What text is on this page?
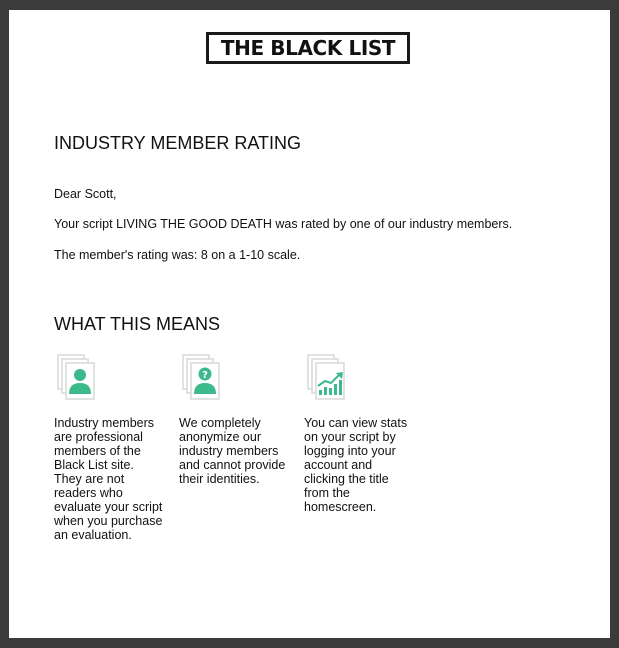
THE BLACK LIST
INDUSTRY MEMBER RATING

Dear Scott,

Your script LIVING THE GOOD DEATH was rated by one of our industry members.

The member's rating was: 8 on a 1-10 scale.

WHAT THIS MEANS
Industry members
are professional
members of the
Black List site.
They are not
readers who
evaluate your script
when you purchase
an evaluation.
?
We completely
anonymize our
industry members
and cannot provide
their identities.
You can view stats
on your script by
logging into your
account and
clicking the title
from the
homescreen.
